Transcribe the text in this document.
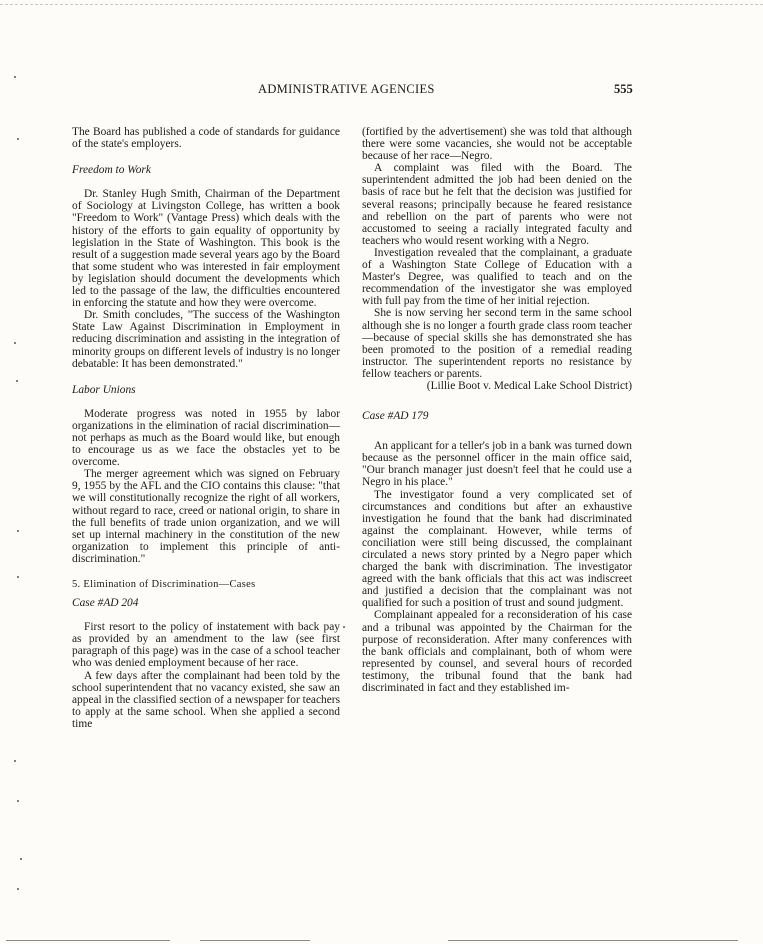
ADMINISTRATIVE AGENCIES	555

The Board has published a code of standards for guidance of the state's employers.

Freedom to Work

Dr. Stanley Hugh Smith, Chairman of the Department of Sociology at Livingston College, has written a book "Freedom to Work" (Vantage Press) which deals with the history of the efforts to gain equality of opportunity by legislation in the State of Washington. This book is the result of a suggestion made several years ago by the Board that some student who was interested in fair employment by legislation should document the developments which led to the passage of the law, the difficulties encountered in enforcing the statute and how they were overcome.

Dr. Smith concludes, "The success of the Washington State Law Against Discrimination in Employment in reducing discrimination and assisting in the integration of minority groups on different levels of industry is no longer debatable: It has been demonstrated."

Labor Unions

Moderate progress was noted in 1955 by labor organizations in the elimination of racial discrimination—not perhaps as much as the Board would like, but enough to encourage us as we face the obstacles yet to be overcome.

The merger agreement which was signed on February 9, 1955 by the AFL and the CIO contains this clause: "that we will constitutionally recognize the right of all workers, without regard to race, creed or national origin, to share in the full benefits of trade union organization, and we will set up internal machinery in the constitution of the new organization to implement this principle of anti-discrimination."

5. Elimination of Discrimination—Cases
Case #AD 204

First resort to the policy of instatement with back pay as provided by an amendment to the law (see first paragraph of this page) was in the case of a school teacher who was denied employment because of her race.

A few days after the complainant had been told by the school superintendent that no vacancy existed, she saw an appeal in the classified section of a newspaper for teachers to apply at the same school. When she applied a second time

(fortified by the advertisement) she was told that although there were some vacancies, she would not be acceptable because of her race—Negro.

A complaint was filed with the Board. The superintendent admitted the job had been denied on the basis of race but he felt that the decision was justified for several reasons; principally because he feared resistance and rebellion on the part of parents who were not accustomed to seeing a racially integrated faculty and teachers who would resent working with a Negro.

Investigation revealed that the complainant, a graduate of a Washington State College of Education with a Master's Degree, was qualified to teach and on the recommendation of the investigator she was employed with full pay from the time of her initial rejection.

She is now serving her second term in the same school although she is no longer a fourth grade class room teacher—because of special skills she has demonstrated she has been promoted to the position of a remedial reading instructor. The superintendent reports no resistance by fellow teachers or parents.

(Lillie Boot v. Medical Lake School District)

Case #AD 179

An applicant for a teller's job in a bank was turned down because as the personnel officer in the main office said, "Our branch manager just doesn't feel that he could use a Negro in his place."

The investigator found a very complicated set of circumstances and conditions but after an exhaustive investigation he found that the bank had discriminated against the complainant. However, while terms of conciliation were still being discussed, the complainant circulated a news story printed by a Negro paper which charged the bank with discrimination. The investigator agreed with the bank officials that this act was indiscreet and justified a decision that the complainant was not qualified for such a position of trust and sound judgment.

Complainant appealed for a reconsideration of his case and a tribunal was appointed by the Chairman for the purpose of reconsideration. After many conferences with the bank officials and complainant, both of whom were represented by counsel, and several hours of recorded testimony, the tribunal found that the bank had discriminated in fact and they established im-
